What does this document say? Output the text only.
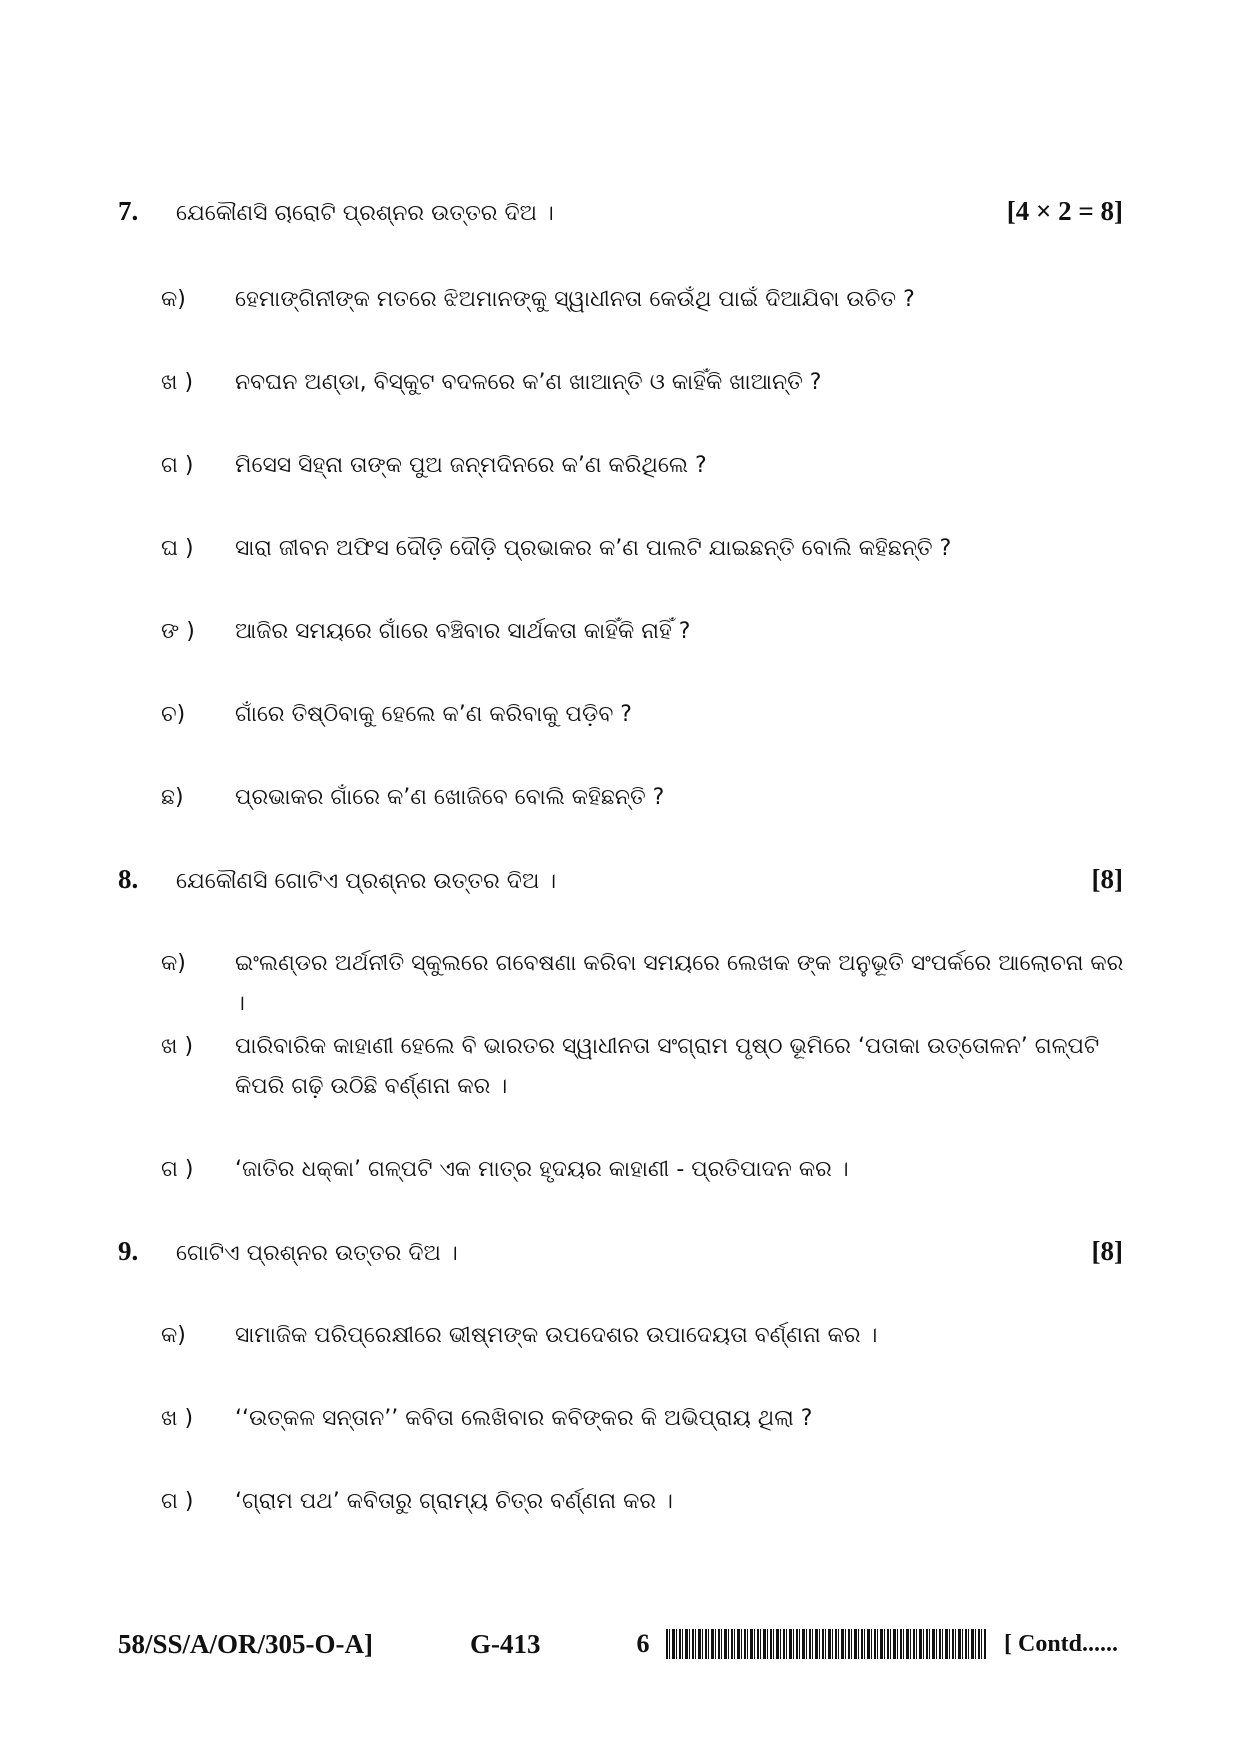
7.	ଯେକୌଣସି ଚାରୋଟି ପ୍ରଶ୍ନର ଉତ୍ତର ଦିଅ ।	[4 × 2 = 8]
କ)	ହେମାଙ୍ଗିନୀଙ୍କ ମତରେ ଝିଅମାନଙ୍କୁ ସ୍ୱାଧୀନତା କେଉଁଥି ପାଇଁ ଦିଆଯିବା ଉଚିତ ?
ଖ )	ନବଘନ ଅଣ୍ଡା, ବିସ୍କୁଟ ବଦଳରେ କ’ଣ ଖାଆନ୍ତି ଓ କାହିଁକି ଖାଆନ୍ତି ?
ଗ )	ମିସେସ ସିହ୍ନା ତାଙ୍କ ପୁଅ ଜନ୍ମଦିନରେ କ’ଣ କରିଥିଲେ ?
ଘ )	ସାରା ଜୀବନ ଅଫିସ ଦୌଡ଼ି ଦୌଡ଼ି ପ୍ରଭାକର କ’ଣ ପାଲଟି ଯାଇଛନ୍ତି ବୋଲି କହିଛନ୍ତି ?
ଙ )	ଆଜିର ସମୟରେ ଗାଁରେ ବଞ୍ଚିବାର ସାର୍ଥକତା କାହିଁକି ନାହିଁ ?
ଚ)	ଗାଁରେ ତିଷ୍ଠିବାକୁ ହେଲେ କ’ଣ କରିବାକୁ ପଡ଼ିବ ?
ଛ)	ପ୍ରଭାକର ଗାଁରେ କ’ଣ ଖୋଜିବେ ବୋଲି କହିଛନ୍ତି ?
8.	ଯେକୌଣସି ଗୋଟିଏ ପ୍ରଶ୍ନର ଉତ୍ତର ଦିଅ ।	[8]
କ)	ଇଂଲଣ୍ଡର ଅର୍ଥନୀତି ସ୍କୁଲରେ ଗବେଷଣା କରିବା ସମୟରେ ଲେଖକ ଙ୍କ ଅନୁଭୂତି ସଂପର୍କରେ ଆଲୋଚନା କର ।
ଖ )	ପାରିବାରିକ କାହାଣୀ ହେଲେ ବି ଭାରତର ସ୍ୱାଧୀନତା ସଂଗ୍ରାମ ପୃଷ୍ଠ ଭୂମିରେ ‘ପତାକା ଉତ୍ତୋଳନ’ ଗଳ୍ପଟି କିପରି ଗଢ଼ି ଉଠିଛି ବର୍ଣ୍ଣନା କର ।
ଗ )	‘ଜାତିର ଧକ୍‌କା’ ଗଳ୍ପଟି ଏକ ମାତ୍ର ହୃଦୟର କାହାଣୀ - ପ୍ରତିପାଦନ କର ।
9.	ଗୋଟିଏ ପ୍ରଶ୍ନର ଉତ୍ତର ଦିଅ ।	[8]
କ)	ସାମାଜିକ ପରିପ୍ରେକ୍ଷୀରେ ଭୀଷ୍ମଙ୍କ ଉପଦେଶର ଉପାଦେୟତା ବର୍ଣ୍ଣନା କର ।
ଖ )	‘‘ଉତ୍କଳ ସନ୍ତାନ’’ କବିତା ଲେଖିବାର କବିଙ୍କର କି ଅଭିପ୍ରାୟ ଥିଲା ?
ଗ )	‘ଗ୍ରାମ ପଥ’ କବିତାରୁ ଗ୍ରାମ୍ୟ ଚିତ୍ର ବର୍ଣ୍ଣନା କର ।
58/SS/A/OR/305-O-A]	G-413	6	[ Contd......
